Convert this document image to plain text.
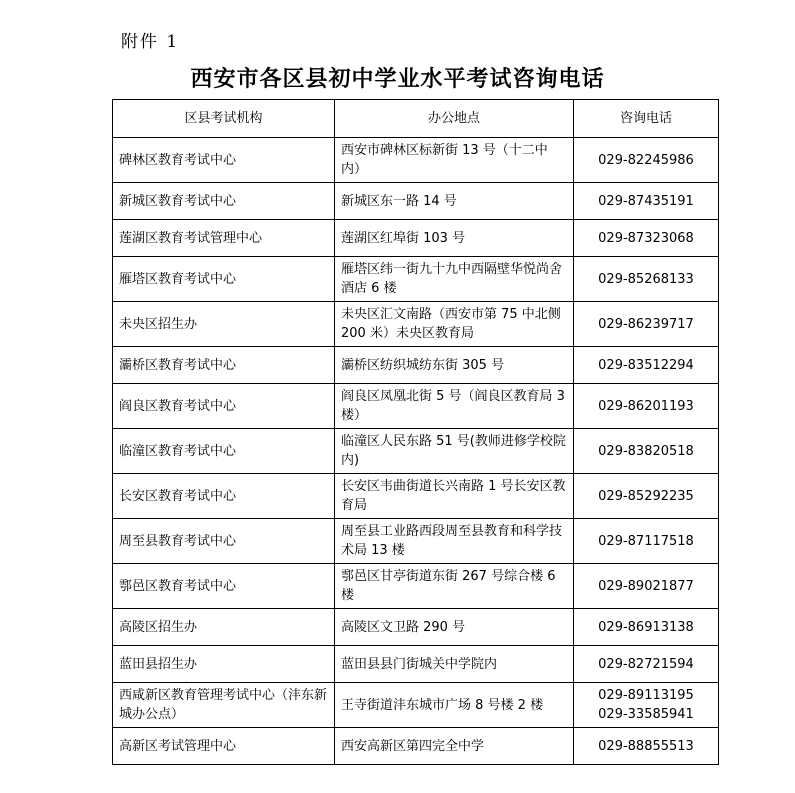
附件 1
西安市各区县初中学业水平考试咨询电话
区县考试机构	办公地点	咨询电话
碑林区教育考试中心	西安市碑林区标新街 13 号（十二中内）	029-82245986

新城区教育考试中心	新城区东一路 14 号	029-87435191

莲湖区教育考试管理中心	莲湖区红埠街 103 号	029-87323068

雁塔区教育考试中心	雁塔区纬一街九十九中西隔壁华悦尚舍酒店 6 楼	029-85268133

未央区招生办	未央区汇文南路（西安市第 75 中北侧 200 米）未央区教育局	029-86239717

灞桥区教育考试中心	灞桥区纺织城纺东街 305 号	029-83512294

阎良区教育考试中心	阎良区凤凰北街 5 号（阎良区教育局 3 楼）	029-86201193

临潼区教育考试中心	临潼区人民东路 51 号(教师进修学校院内)	029-83820518

长安区教育考试中心	长安区韦曲街道长兴南路 1 号长安区教育局	029-85292235

周至县教育考试中心	周至县工业路西段周至县教育和科学技术局 13 楼	029-87117518

鄠邑区教育考试中心	鄠邑区甘亭街道东街 267 号综合楼 6 楼	029-89021877

高陵区招生办	高陵区文卫路 290 号	029-86913138

蓝田县招生办	蓝田县县门街城关中学院内	029-82721594

西咸新区教育管理考试中心（沣东新城办公点）	王寺街道沣东城市广场 8 号楼 2 楼	029-89113195
029-33585941

高新区考试管理中心	西安高新区第四完全中学	029-88855513
